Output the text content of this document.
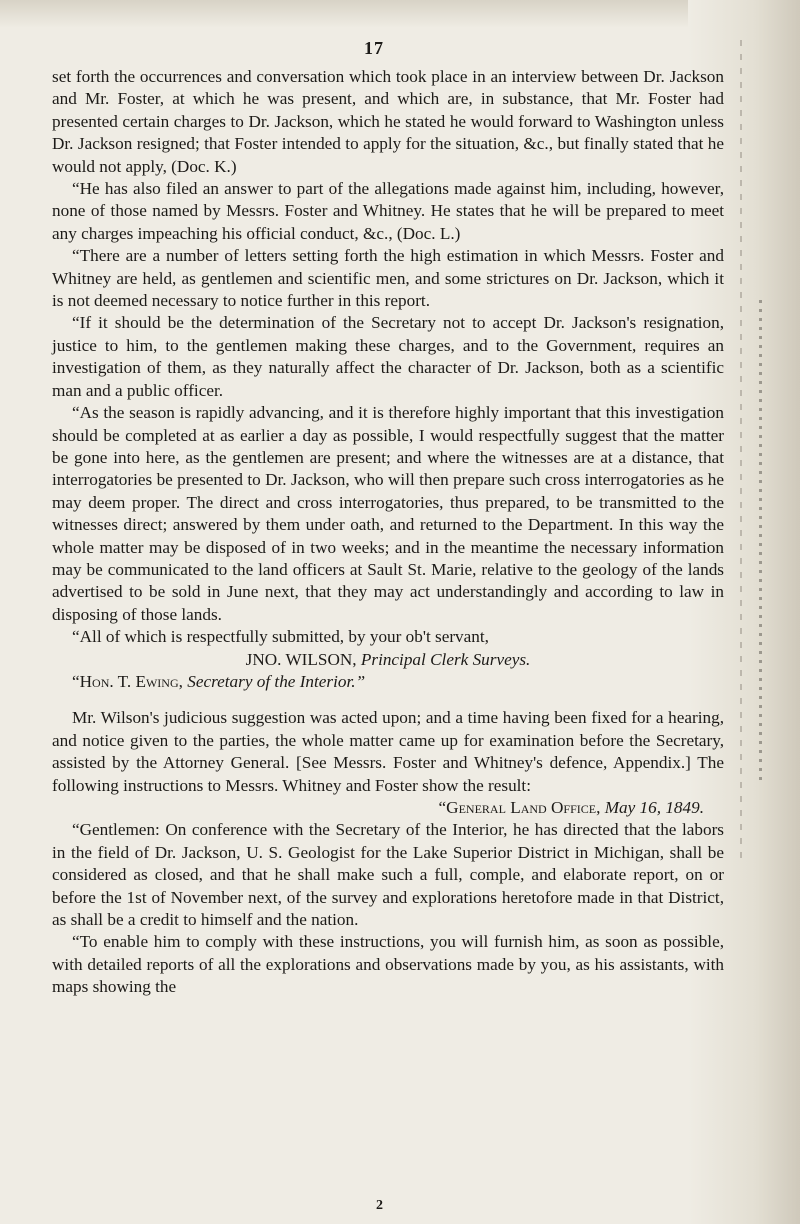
17

set forth the occurrences and conversation which took place in an interview between Dr. Jackson and Mr. Foster, at which he was present, and which are, in substance, that Mr. Foster had presented certain charges to Dr. Jackson, which he stated he would forward to Washington unless Dr. Jackson resigned; that Foster intended to apply for the situation, &c., but finally stated that he would not apply, (Doc. K.)

“He has also filed an answer to part of the allegations made against him, including, however, none of those named by Messrs. Foster and Whitney. He states that he will be prepared to meet any charges impeaching his official conduct, &c., (Doc. L.)

“There are a number of letters setting forth the high estimation in which Messrs. Foster and Whitney are held, as gentlemen and scientific men, and some strictures on Dr. Jackson, which it is not deemed necessary to notice further in this report.

“If it should be the determination of the Secretary not to accept Dr. Jackson's resignation, justice to him, to the gentlemen making these charges, and to the Government, requires an investigation of them, as they naturally affect the character of Dr. Jackson, both as a scientific man and a public officer.

“As the season is rapidly advancing, and it is therefore highly important that this investigation should be completed at as earlier a day as possible, I would respectfully suggest that the matter be gone into here, as the gentlemen are present; and where the witnesses are at a distance, that interrogatories be presented to Dr. Jackson, who will then prepare such cross interrogatories as he may deem proper. The direct and cross interrogatories, thus prepared, to be transmitted to the witnesses direct; answered by them under oath, and returned to the Department. In this way the whole matter may be disposed of in two weeks; and in the meantime the necessary information may be communicated to the land officers at Sault St. Marie, relative to the geology of the lands advertised to be sold in June next, that they may act understandingly and according to law in disposing of those lands.

“All of which is respectfully submitted, by your ob't servant,

JNO. WILSON, Principal Clerk Surveys.

“Hon. T. Ewing, Secretary of the Interior.”

Mr. Wilson's judicious suggestion was acted upon; and a time having been fixed for a hearing, and notice given to the parties, the whole matter came up for examination before the Secretary, assisted by the Attorney General. [See Messrs. Foster and Whitney's defence, Appendix.] The following instructions to Messrs. Whitney and Foster show the result:

“General Land Office, May 16, 1849.

“Gentlemen: On conference with the Secretary of the Interior, he has directed that the labors in the field of Dr. Jackson, U. S. Geologist for the Lake Superior District in Michigan, shall be considered as closed, and that he shall make such a full, comple, and elaborate report, on or before the 1st of November next, of the survey and explorations heretofore made in that District, as shall be a credit to himself and the nation.

“To enable him to comply with these instructions, you will furnish him, as soon as possible, with detailed reports of all the explorations and observations made by you, as his assistants, with maps showing the

2
